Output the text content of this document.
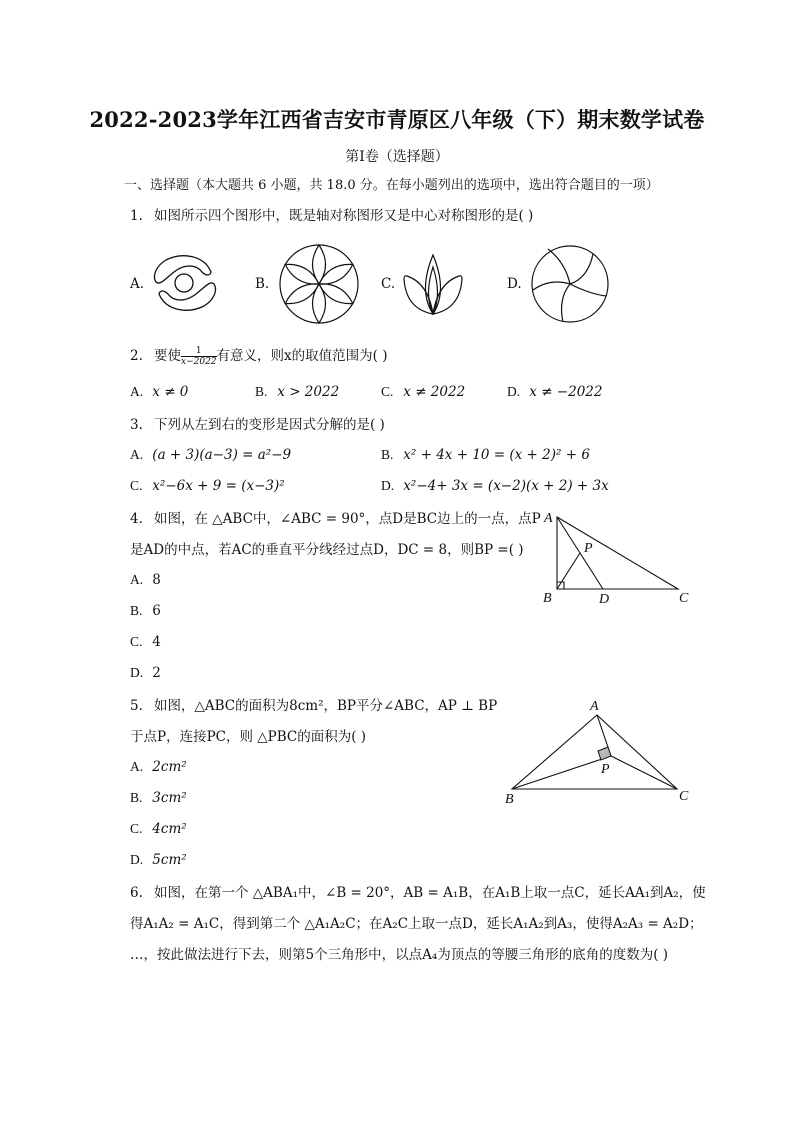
2022-2023学年江西省吉安市青原区八年级（下）期末数学试卷
第Ⅰ卷（选择题）
一、选择题（本大题共 6 小题，共 18.0 分。在每小题列出的选项中，选出符合题目的一项）
1. 如图所示四个图形中，既是轴对称图形又是中心对称图形的是( )
A.	B.	C.	D.
2. 要使 $\frac{1}{x-2022}$ 有意义，则x的取值范围为( )
A. x ≠ 0	B. x > 2022	C. x ≠ 2022	D. x ≠ −2022
3. 下列从左到右的变形是因式分解的是( )
A. (a + 3)(a−3) = a²−9	B. x² + 4x + 10 = (x + 2)² + 6
C. x²−6x + 9 = (x−3)²	D. x²−4+ 3x = (x−2)(x + 2) + 3x
4. 如图，在 △ABC中，∠ABC = 90°，点D是BC边上的一点，点P
是AD的中点，若AC的垂直平分线经过点D，DC = 8，则BP =( )
A. 8
B. 6
C. 4
D. 2
A
P
B	D	C
5. 如图，△ABC的面积为8cm²，BP平分∠ABC，AP ⊥ BP
于点P，连接PC，则 △PBC的面积为( )
A. 2cm²
B. 3cm²
C. 4cm²
D. 5cm²
A
P
B	C
6. 如图，在第一个 △ABA₁中，∠B = 20°，AB = A₁B，在A₁B上取一点C，延长AA₁到A₂，使
得A₁A₂ = A₁C，得到第二个 △A₁A₂C；在A₂C上取一点D，延长A₁A₂到A₃，使得A₂A₃ = A₂D；
…，按此做法进行下去，则第5个三角形中，以点A₄为顶点的等腰三角形的底角的度数为( )
